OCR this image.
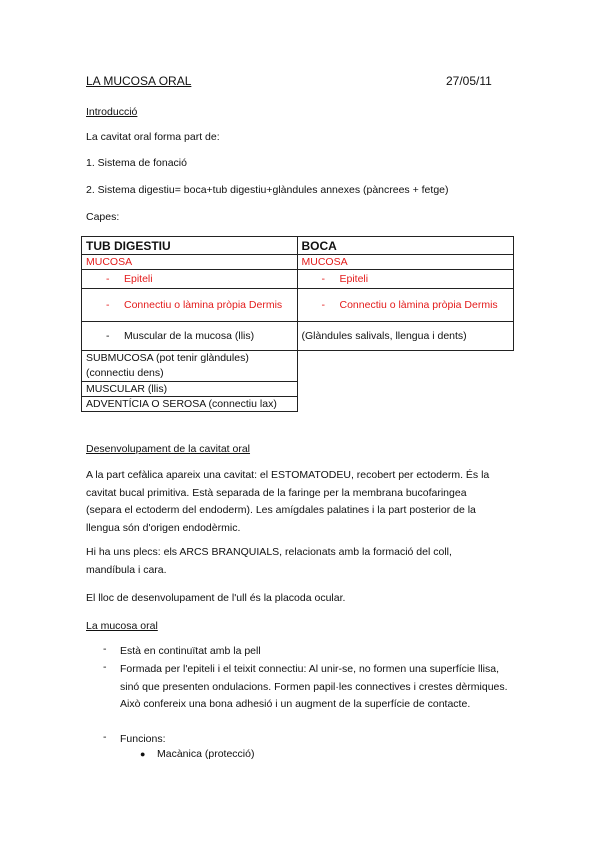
LA MUCOSA ORAL	27/05/11
Introducció
La cavitat oral forma part de:
1. Sistema de fonació
2. Sistema digestiu= boca+tub digestiu+glàndules annexes (pàncrees + fetge)
Capes:
TUB DIGESTIU	BOCA
MUCOSA	MUCOSA
- Epiteli	- Epiteli
- Connectiu o làmina pròpia Dermis	- Connectiu o làmina pròpia Dermis
- Muscular de la mucosa (llis)	(Glàndules salivals, llengua i dents)
SUBMUCOSA (pot tenir glàndules)
(connectiu dens)	
MUSCULAR (llis)	
ADVENTÍCIA O SEROSA (connectiu lax)	
Desenvolupament de la cavitat oral
A la part cefàlica apareix una cavitat: el ESTOMATODEU, recobert per ectoderm. És la cavitat bucal primitiva. Està separada de la faringe per la membrana bucofaringea (separa el ectoderm del endoderm). Les amígdales palatines i la part posterior de la llengua són d'origen endodèrmic.
Hi ha uns plecs: els ARCS BRANQUIALS, relacionats amb la formació del coll, mandíbula i cara.
El lloc de desenvolupament de l'ull és la placoda ocular.
La mucosa oral
- Està en continuïtat amb la pell
- Formada per l'epiteli i el teixit connectiu: Al unir-se, no formen una superfície llisa, sinó que presenten ondulacions. Formen papil·les connectives i crestes dèrmiques. Això confereix una bona adhesió i un augment de la superfície de contacte.
- Funcions:
● Macànica (protecció)
